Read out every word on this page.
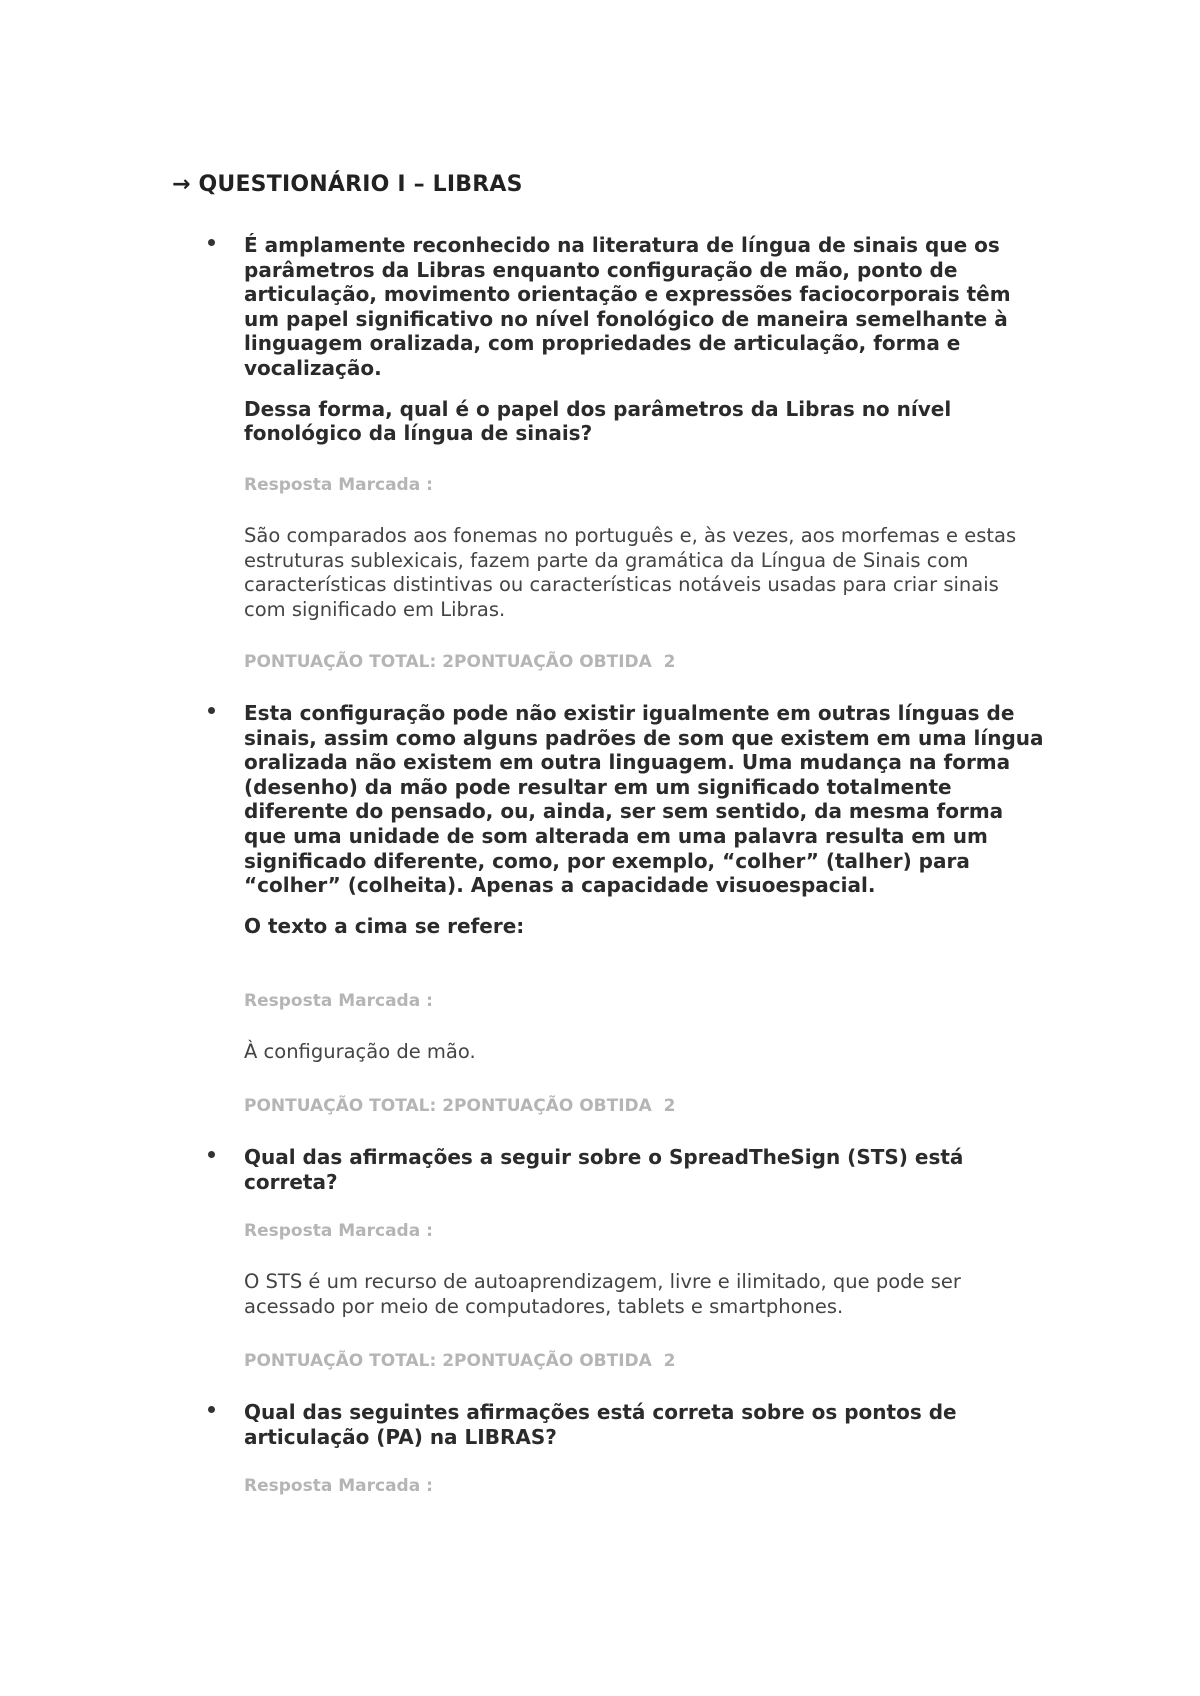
→ QUESTIONÁRIO I – LIBRAS

É amplamente reconhecido na literatura de língua de sinais que os parâmetros da Libras enquanto configuração de mão, ponto de articulação, movimento orientação e expressões faciocorporais têm um papel significativo no nível fonológico de maneira semelhante à linguagem oralizada, com propriedades de articulação, forma e vocalização.

Dessa forma, qual é o papel dos parâmetros da Libras no nível fonológico da língua de sinais?

Resposta Marcada :

São comparados aos fonemas no português e, às vezes, aos morfemas e estas estruturas sublexicais, fazem parte da gramática da Língua de Sinais com características distintivas ou características notáveis usadas para criar sinais com significado em Libras.

PONTUAÇÃO TOTAL: 2PONTUAÇÃO OBTIDA  2

Esta configuração pode não existir igualmente em outras línguas de sinais, assim como alguns padrões de som que existem em uma língua oralizada não existem em outra linguagem. Uma mudança na forma (desenho) da mão pode resultar em um significado totalmente diferente do pensado, ou, ainda, ser sem sentido, da mesma forma que uma unidade de som alterada em uma palavra resulta em um significado diferente, como, por exemplo, “colher” (talher) para “colher” (colheita). Apenas a capacidade visuoespacial.

O texto a cima se refere:

Resposta Marcada :

À configuração de mão.

PONTUAÇÃO TOTAL: 2PONTUAÇÃO OBTIDA  2

Qual das afirmações a seguir sobre o SpreadTheSign (STS) está correta?

Resposta Marcada :

O STS é um recurso de autoaprendizagem, livre e ilimitado, que pode ser acessado por meio de computadores, tablets e smartphones.

PONTUAÇÃO TOTAL: 2PONTUAÇÃO OBTIDA  2

Qual das seguintes afirmações está correta sobre os pontos de articulação (PA) na LIBRAS?

Resposta Marcada :
